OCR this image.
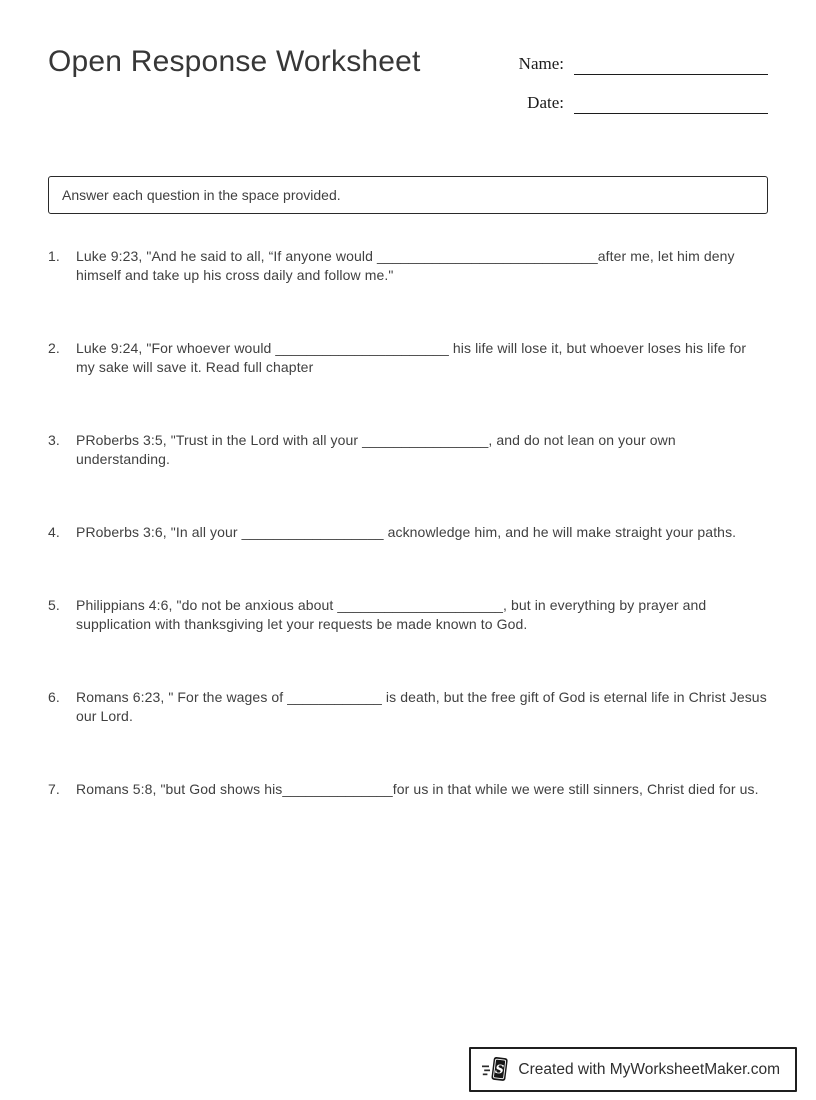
Open Response Worksheet	Name:
Date:
Answer each question in the space provided.
1.	Luke 9:23, "And he said to all, “If anyone would ____________________________after me, let him deny himself and take up his cross daily and follow me."
2.	Luke 9:24, "For whoever would ______________________ his life will lose it, but whoever loses his life for my sake will save it. Read full chapter
3.	PRoberbs 3:5, "Trust in the Lord with all your ________________, and do not lean on your own understanding.
4.	PRoberbs 3:6, "In all your __________________ acknowledge him, and he will make straight your paths.
5.	Philippians 4:6, "do not be anxious about _____________________, but in everything by prayer and supplication with thanksgiving let your requests be made known to God.
6.	Romans 6:23, " For the wages of ____________ is death, but the free gift of God is eternal life in Christ Jesus our Lord.
7.	Romans 5:8, "but God shows his______________for us in that while we were still sinners, Christ died for us.
S Created with MyWorksheetMaker.com
